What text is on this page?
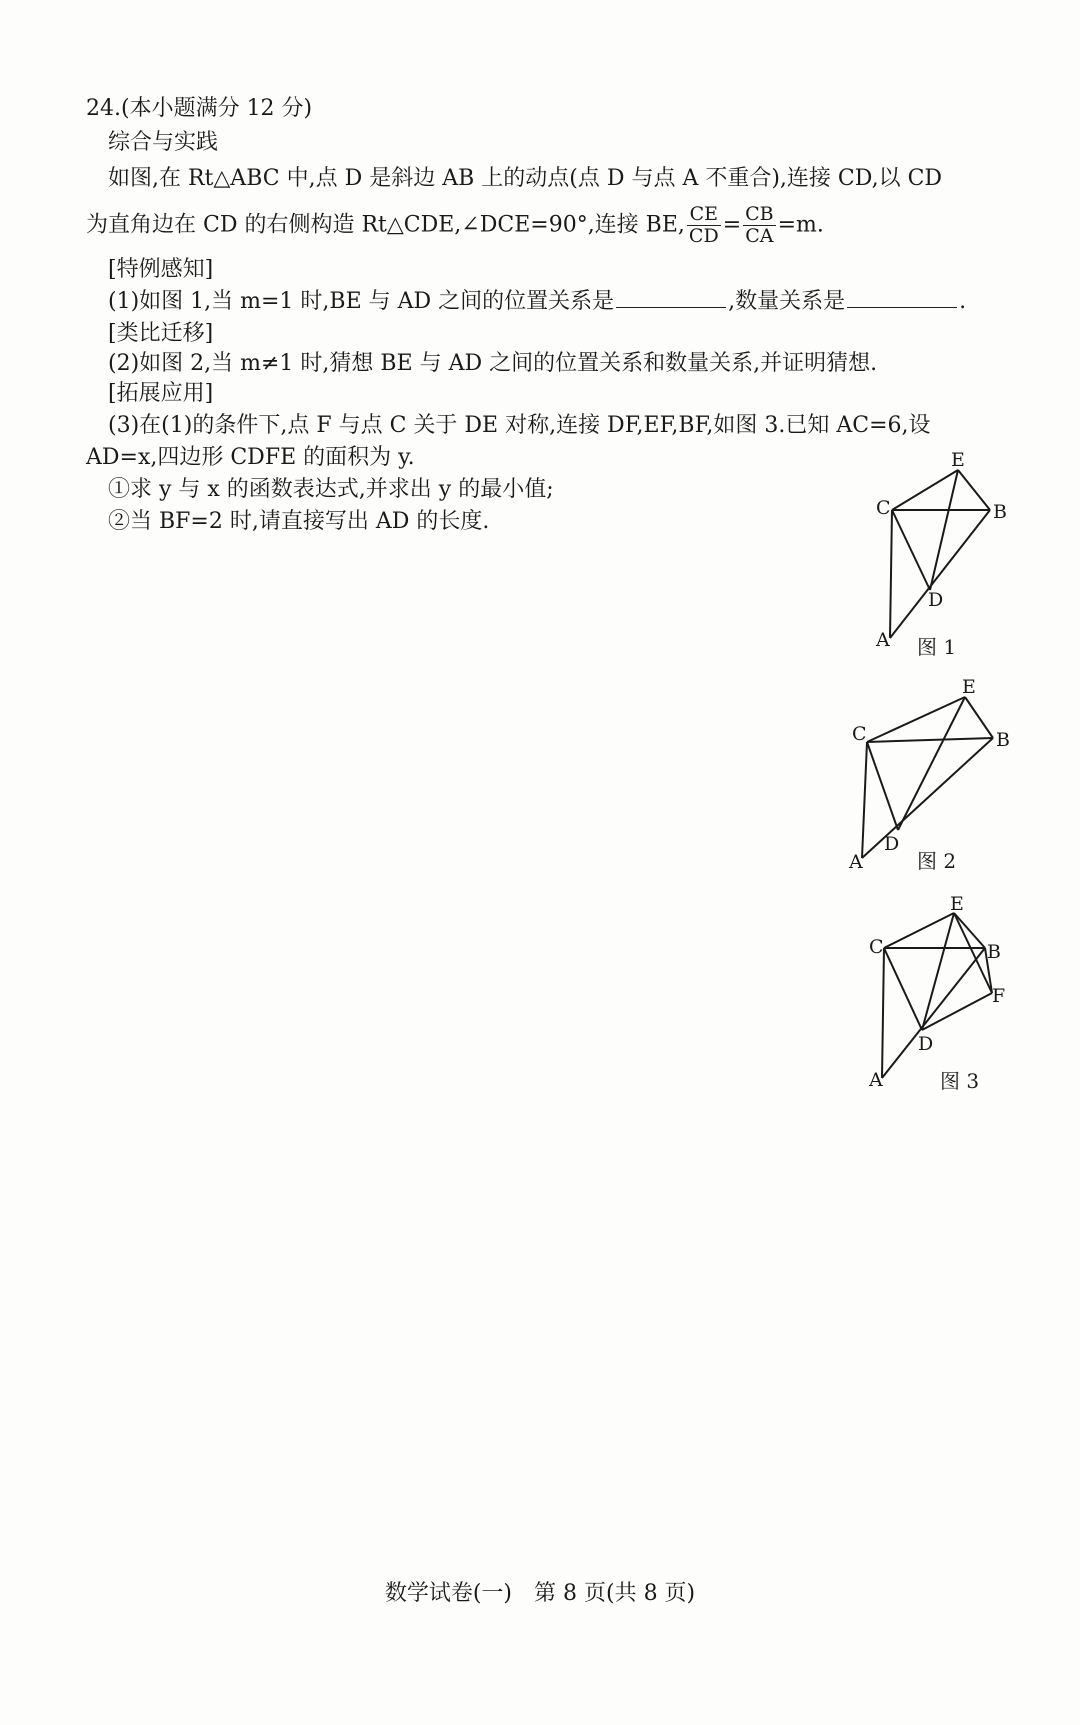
24.(本小题满分 12 分)
综合与实践
如图,在 Rt△ABC 中,点 D 是斜边 AB 上的动点(点 D 与点 A 不重合),连接 CD,以 CD
为直角边在 CD 的右侧构造 Rt△CDE,∠DCE=90°,连接 BE, $\frac{CE}{CD} = \frac{CB}{CA} =m$.
[特例感知]
(1)如图 1,当 m=1 时,BE 与 AD 之间的位置关系是	,数量关系是	.
[类比迁移]
(2)如图 2,当 m≠1 时,猜想 BE 与 AD 之间的位置关系和数量关系,并证明猜想.
[拓展应用]
(3)在(1)的条件下,点 F 与点 C 关于 DE 对称,连接 DF,EF,BF,如图 3.已知 AC=6,设
AD=x,四边形 CDFE 的面积为 y.
①求 y 与 x 的函数表达式,并求出 y 的最小值;
②当 BF=2 时,请直接写出 AD 的长度.
E
C	B
D
A 图 1
E
C	B
D
A	图 2
E
C	B
F
D
A	图 3
数学试卷(一)　第 8 页(共 8 页)
